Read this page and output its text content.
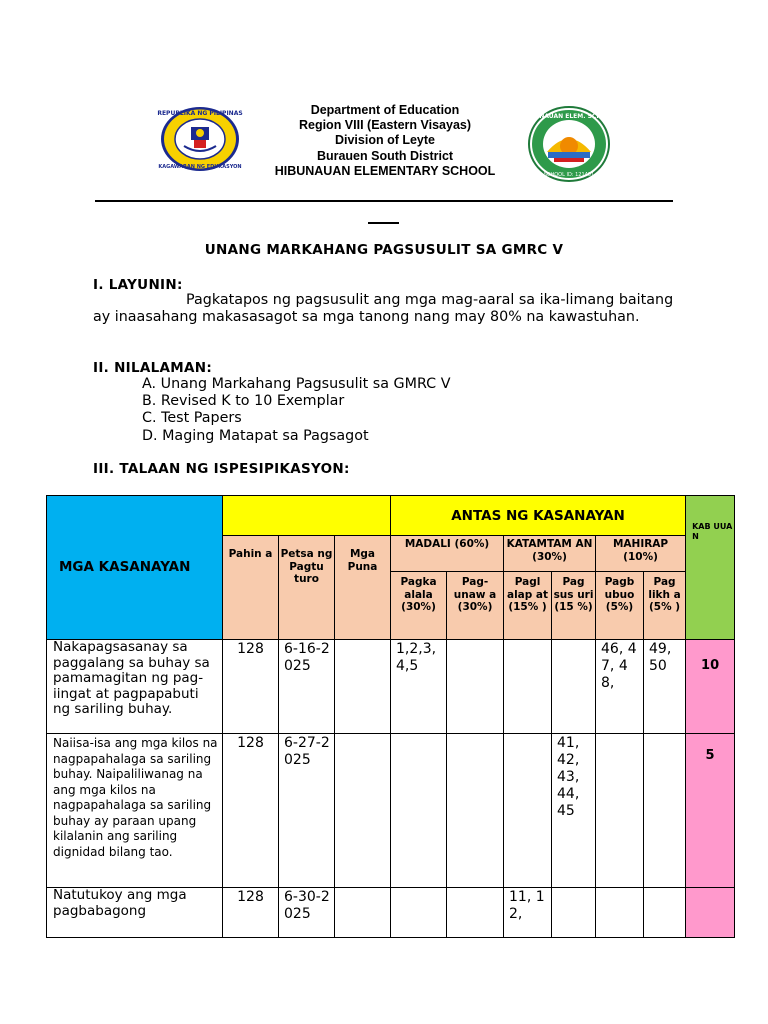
REPUBLIKA NG PILIPINAS
KAGAWARAN NG EDUKASYON
Department of Education
Region VIII (Eastern Visayas)
Division of Leyte
Burauen South District
HIBUNAUAN ELEMENTARY SCHOOL
HIBUNAUAN ELEM. SCHOOL
SCHOOL ID: 121401
UNANG MARKAHANG PAGSUSULIT SA GMRC V
I. LAYUNIN:
Pagkatapos ng pagsusulit ang mga mag-aaral sa ika-limang baitang ay inaasahang makasasagot sa mga tanong nang may 80% na kawastuhan.
II. NILALAMAN:
A. Unang Markahang Pagsusulit sa GMRC V
B. Revised K to 10 Exemplar
C. Test Papers
D. Maging Matapat sa Pagsagot
III. TALAAN NG ISPESIPIKASYON:
MGA KASANAYAN				ANTAS NG KASANAYAN						KAB UUA N
	Pahin a	Petsa ng Pagtu turo	Mga Puna	MADALI (60%)		KATAMTAM AN (30%)		MAHIRAP (10%)		
				Pagka alala (30%)	Pag- unaw a (30%)	Pagl alap at (15% )	Pag sus uri (15 %)	Pagb ubuo (5%)	Pag likh a (5% )	
Nakapagsasanay sa paggalang sa buhay sa pamamagitan ng pag-iingat at pagpapabuti ng sariling buhay.	128	6-16-2025		1,2,3,4,5				46, 47, 48,	49, 50	10
Naiisa-isa ang mga kilos na nagpapahalaga sa sariling buhay. Naipaliliwanag na ang mga kilos na nagpapahalaga sa sariling buhay ay paraan upang kilalanin ang sariling dignidad bilang tao.	128	6-27-2025					41, 42, 43, 44, 45			5
Natutukoy ang mga pagbabagong	128	6-30-2025				11, 12,				
